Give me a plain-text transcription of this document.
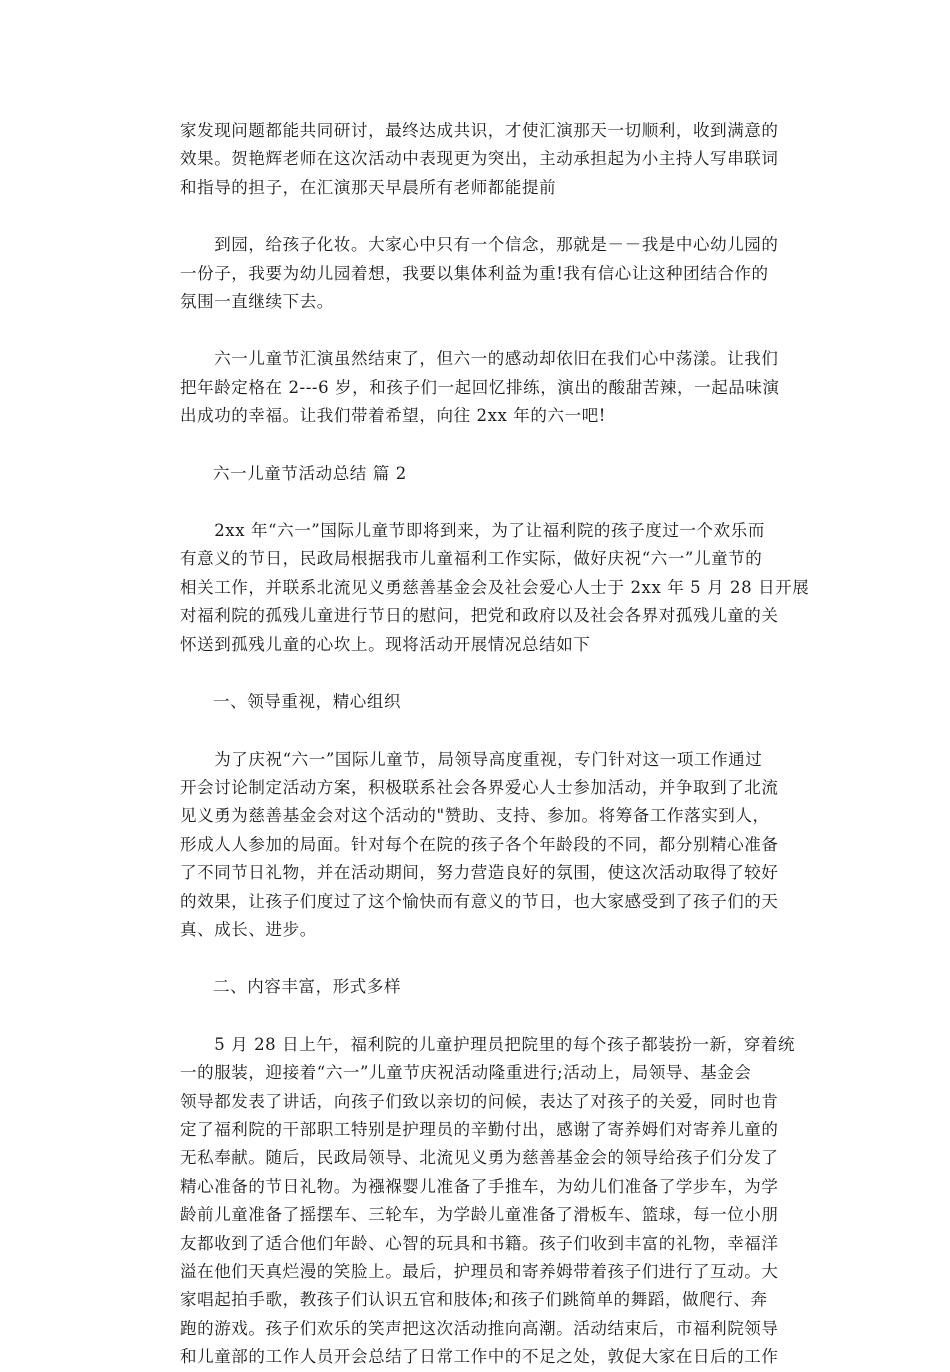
家发现问题都能共同研讨，最终达成共识，才使汇演那天一切顺利，收到满意的
效果。贺艳辉老师在这次活动中表现更为突出，主动承担起为小主持人写串联词
和指导的担子，在汇演那天早晨所有老师都能提前
　　到园，给孩子化妆。大家心中只有一个信念，那就是－－我是中心幼儿园的
一份子，我要为幼儿园着想，我要以集体利益为重!我有信心让这种团结合作的
氛围一直继续下去。
　　六一儿童节汇演虽然结束了，但六一的感动却依旧在我们心中荡漾。让我们
把年龄定格在 2---6 岁，和孩子们一起回忆排练，演出的酸甜苦辣，一起品味演
出成功的幸福。让我们带着希望，向往 2xx 年的六一吧!

六一儿童节活动总结 篇 2

　　2xx 年“六一”国际儿童节即将到来，为了让福利院的孩子度过一个欢乐而
有意义的节日，民政局根据我市儿童福利工作实际，做好庆祝“六一”儿童节的
相关工作，并联系北流见义勇慈善基金会及社会爱心人士于 2xx 年 5 月 28 日开展
对福利院的孤残儿童进行节日的慰问，把党和政府以及社会各界对孤残儿童的关
怀送到孤残儿童的心坎上。现将活动开展情况总结如下

一、领导重视，精心组织

　　为了庆祝“六一”国际儿童节，局领导高度重视，专门针对这一项工作通过
开会讨论制定活动方案，积极联系社会各界爱心人士参加活动，并争取到了北流
见义勇为慈善基金会对这个活动的"赞助、支持、参加。将筹备工作落实到人，
形成人人参加的局面。针对每个在院的孩子各个年龄段的不同，都分别精心准备
了不同节日礼物，并在活动期间，努力营造良好的氛围，使这次活动取得了较好
的效果，让孩子们度过了这个愉快而有意义的节日，也大家感受到了孩子们的天
真、成长、进步。

二、内容丰富，形式多样

　　5 月 28 日上午，福利院的儿童护理员把院里的每个孩子都装扮一新，穿着统
一的服装，迎接着“六一”儿童节庆祝活动隆重进行;活动上，局领导、基金会
领导都发表了讲话，向孩子们致以亲切的问候，表达了对孩子的关爱，同时也肯
定了福利院的干部职工特别是护理员的辛勤付出，感谢了寄养姆们对寄养儿童的
无私奉献。随后，民政局领导、北流见义勇为慈善基金会的领导给孩子们分发了
精心准备的节日礼物。为襁褓婴儿准备了手推车，为幼儿们准备了学步车，为学
龄前儿童准备了摇摆车、三轮车，为学龄儿童准备了滑板车、篮球，每一位小朋
友都收到了适合他们年龄、心智的玩具和书籍。孩子们收到丰富的礼物，幸福洋
溢在他们天真烂漫的笑脸上。最后，护理员和寄养姆带着孩子们进行了互动。大
家唱起拍手歌，教孩子们认识五官和肢体;和孩子们跳简单的舞蹈，做爬行、奔
跑的游戏。孩子们欢乐的笑声把这次活动推向高潮。活动结束后，市福利院领导
和儿童部的工作人员开会总结了日常工作中的不足之处，敦促大家在日后的工作
